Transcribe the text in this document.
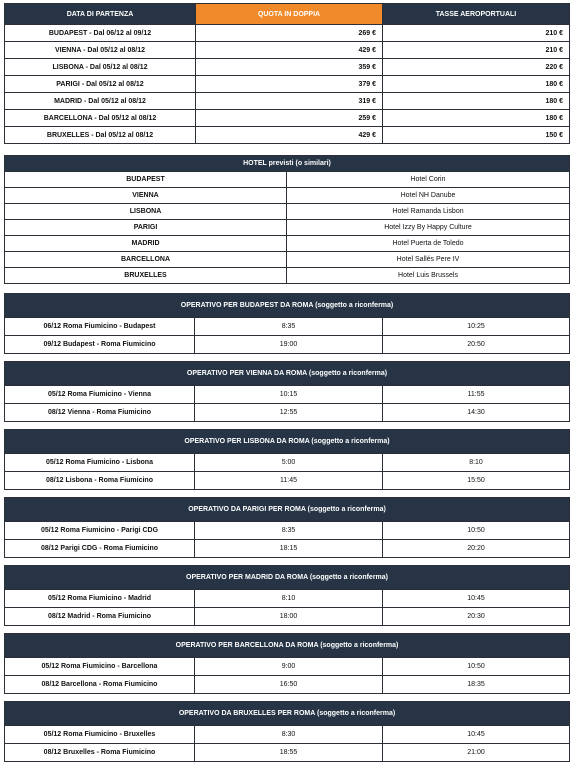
DATA DI PARTENZA	QUOTA IN DOPPIA	TASSE AEROPORTUALI
BUDAPEST - Dal 06/12 al 09/12	269 €	210 €
VIENNA - Dal 05/12 al 08/12	429 €	210 €
LISBONA - Dal 05/12 al 08/12	359 €	220 €
PARIGI - Dal 05/12 al 08/12	379 €	180 €
MADRID - Dal 05/12 al 08/12	319 €	180 €
BARCELLONA - Dal 05/12 al 08/12	259 €	180 €
BRUXELLES - Dal 05/12 al 08/12	429 €	150 €
HOTEL previsti (o similari)	
BUDAPEST	Hotel Corin
VIENNA	Hotel NH Danube
LISBONA	Hotel Ramanda Lisbon
PARIGI	Hotel Izzy By Happy Culture
MADRID	Hotel Puerta de Toledo
BARCELLONA	Hotel Sallés Pere IV
BRUXELLES	Hotel Luis Brussels
OPERATIVO PER BUDAPEST DA ROMA (soggetto a riconferma)		
06/12 Roma Fiumicino - Budapest	8:35	10:25
09/12 Budapest - Roma Fiumicino	19:00	20:50
OPERATIVO PER VIENNA DA ROMA (soggetto a riconferma)		
05/12 Roma Fiumicino - Vienna	10:15	11:55
08/12 Vienna - Roma Fiumicino	12:55	14:30
OPERATIVO PER LISBONA DA ROMA (soggetto a riconferma)		
05/12 Roma Fiumicino - Lisbona	5:00	8:10
08/12 Lisbona - Roma Fiumicino	11:45	15:50
OPERATIVO DA PARIGI PER ROMA (soggetto a riconferma)		
05/12 Roma Fiumicino - Parigi CDG	8:35	10:50
08/12 Parigi CDG - Roma Fiumicino	18:15	20:20
OPERATIVO PER MADRID DA ROMA (soggetto a riconferma)		
05/12 Roma Fiumicino - Madrid	8:10	10:45
08/12 Madrid - Roma Fiumicino	18:00	20:30
OPERATIVO PER BARCELLONA DA ROMA (soggetto a riconferma)		
05/12 Roma Fiumicino - Barcellona	9:00	10:50
08/12 Barcellona - Roma Fiumicino	16:50	18:35
OPERATIVO DA BRUXELLES PER ROMA (soggetto a riconferma)		
05/12 Roma Fiumicino - Bruxelles	8:30	10:45
08/12 Bruxelles - Roma Fiumicino	18:55	21:00
